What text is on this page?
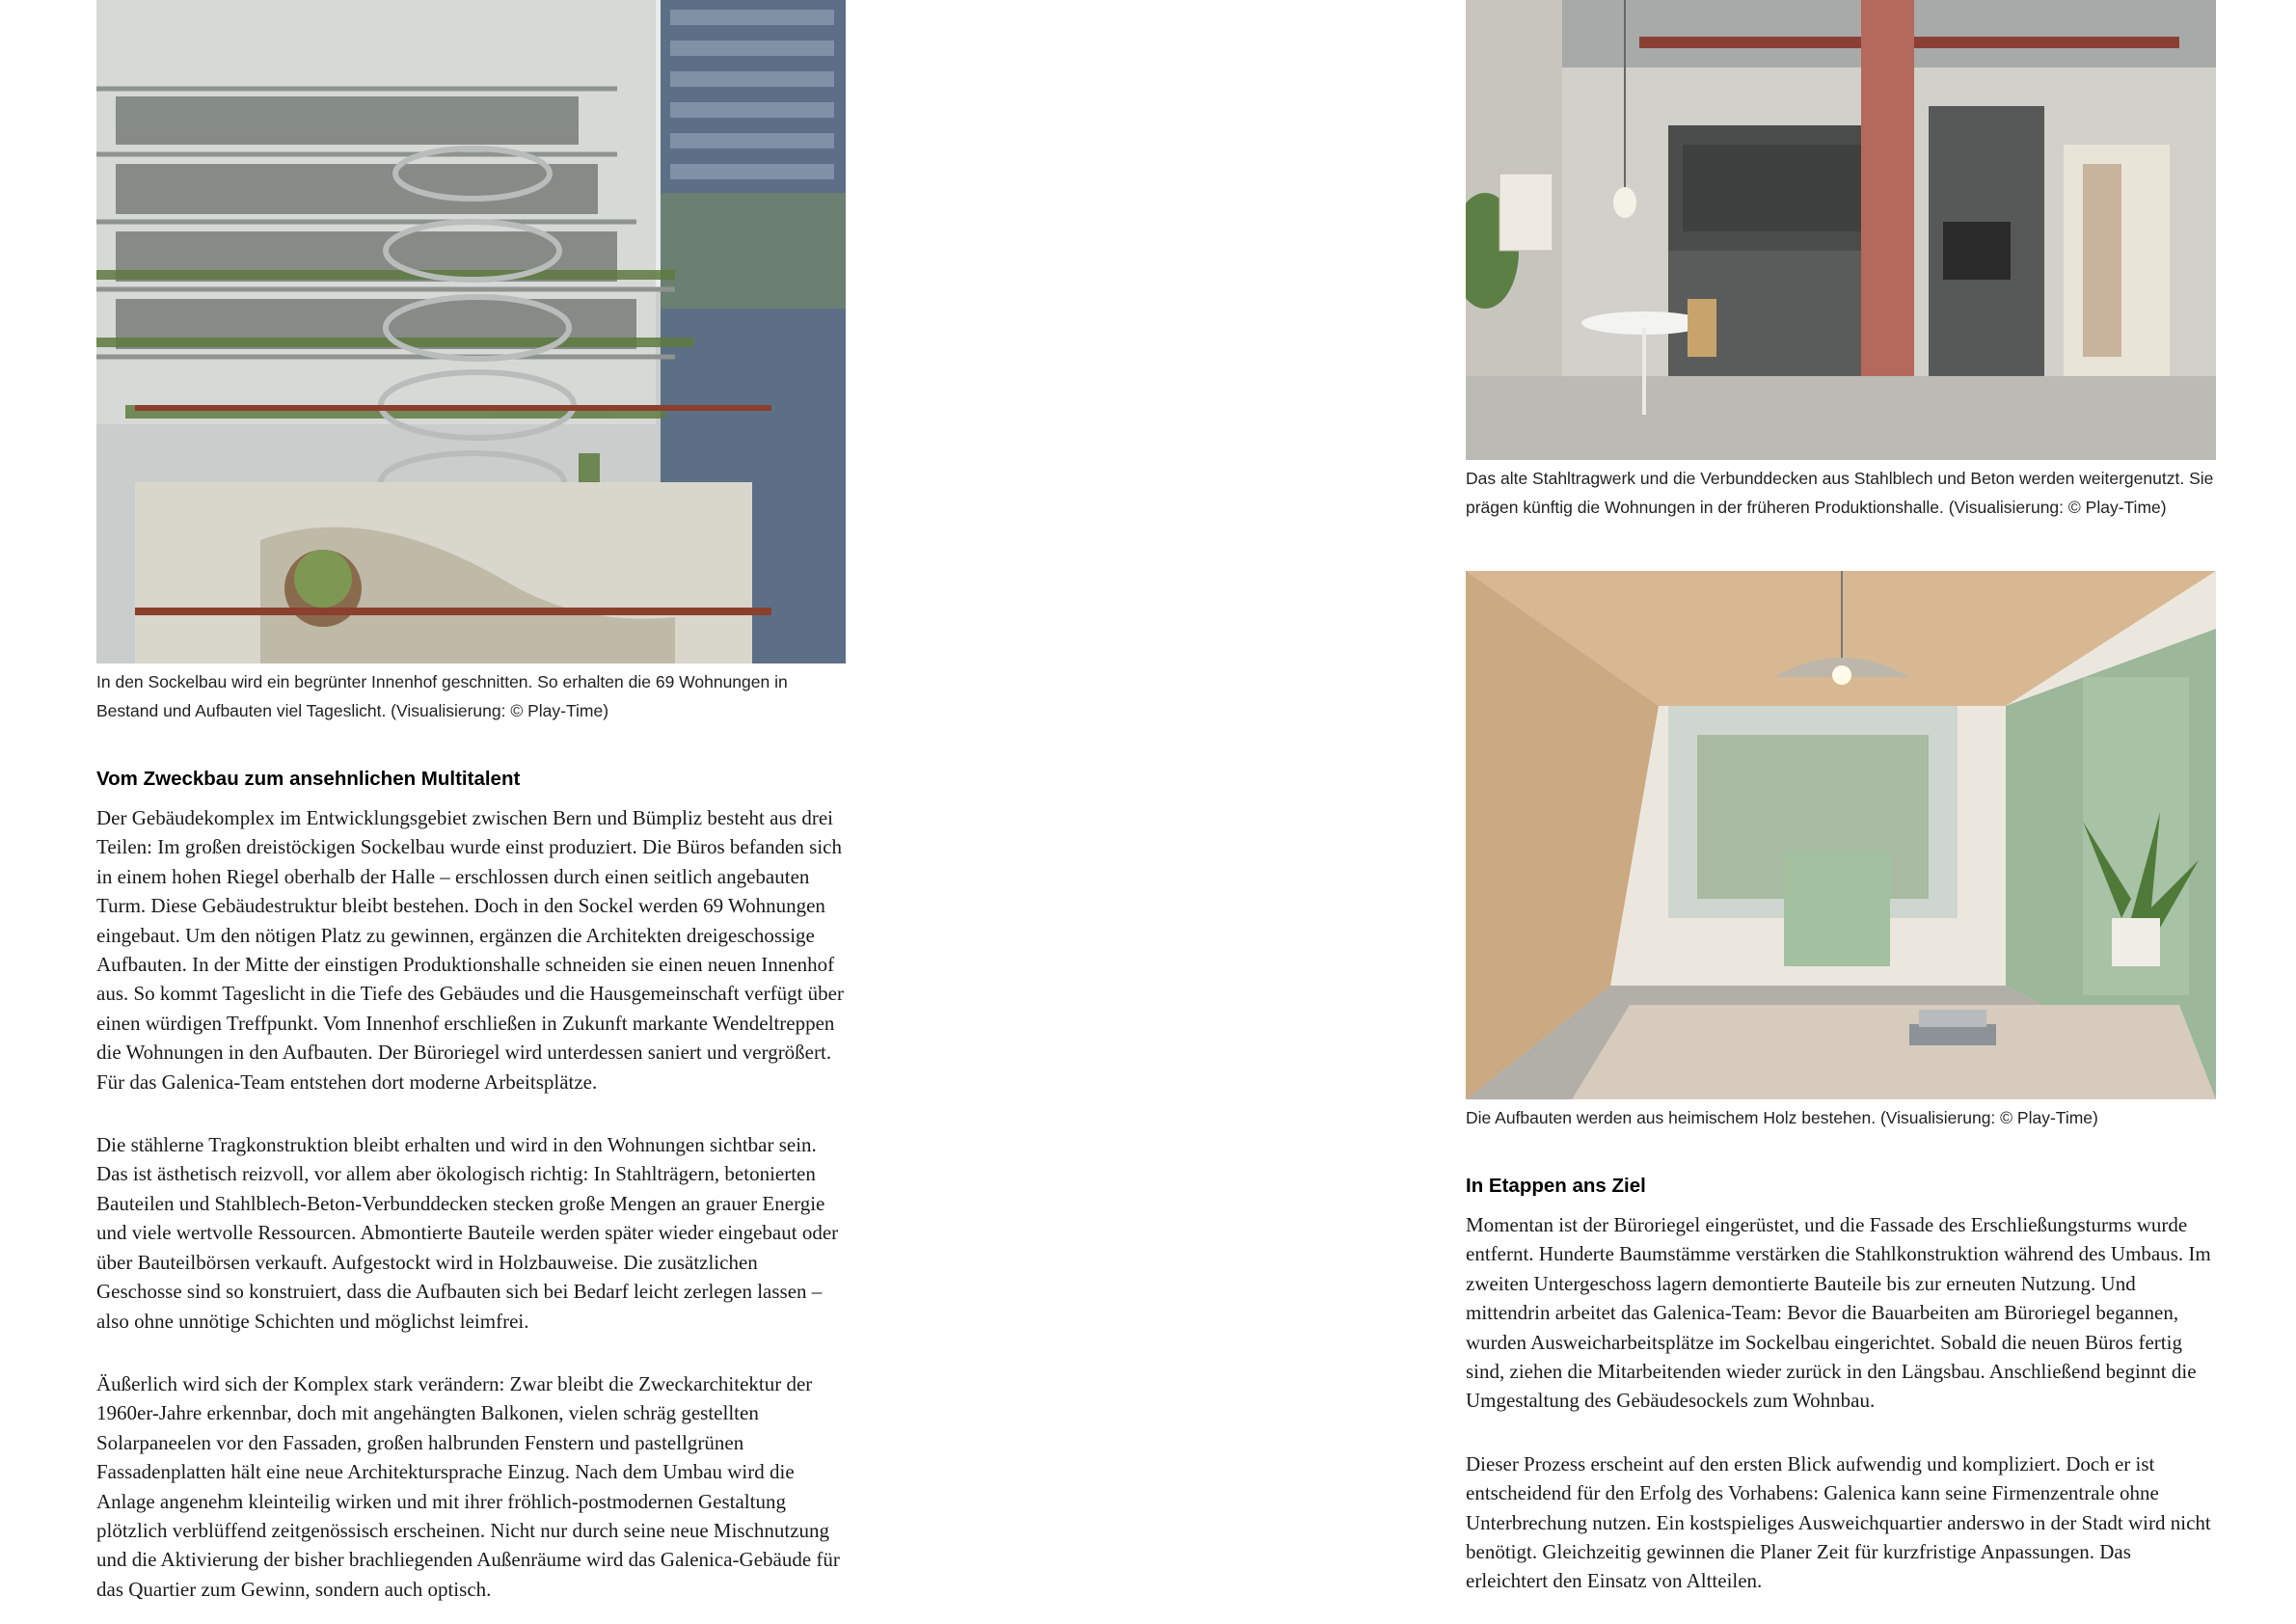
In den Sockelbau wird ein begrünter Innenhof geschnitten. So erhalten die 69 Wohnungen in Bestand und Aufbauten viel Tageslicht. (Visualisierung: © Play-Time)
Vom Zweckbau zum ansehnlichen Multitalent

Der Gebäudekomplex im Entwicklungsgebiet zwischen Bern und Bümpliz besteht aus drei Teilen: Im großen dreistöckigen Sockelbau wurde einst produziert. Die Büros befanden sich in einem hohen Riegel oberhalb der Halle – erschlossen durch einen seitlich angebauten Turm. Diese Gebäudestruktur bleibt bestehen. Doch in den Sockel werden 69 Wohnungen eingebaut. Um den nötigen Platz zu gewinnen, ergänzen die Architekten dreigeschossige Aufbauten. In der Mitte der einstigen Produktionshalle schneiden sie einen neuen Innenhof aus. So kommt Tageslicht in die Tiefe des Gebäudes und die Hausgemeinschaft verfügt über einen würdigen Treffpunkt. Vom Innenhof erschließen in Zukunft markante Wendeltreppen die Wohnungen in den Aufbauten. Der Büroriegel wird unterdessen saniert und vergrößert. Für das Galenica-Team entstehen dort moderne Arbeitsplätze.

Die stählerne Tragkonstruktion bleibt erhalten und wird in den Wohnungen sichtbar sein. Das ist ästhetisch reizvoll, vor allem aber ökologisch richtig: In Stahlträgern, betonierten Bauteilen und Stahlblech-Beton-Verbunddecken stecken große Mengen an grauer Energie und viele wertvolle Ressourcen. Abmontierte Bauteile werden später wieder eingebaut oder über Bauteilbörsen verkauft. Aufgestockt wird in Holzbauweise. Die zusätzlichen Geschosse sind so konstruiert, dass die Aufbauten sich bei Bedarf leicht zerlegen lassen – also ohne unnötige Schichten und möglichst leimfrei.

Äußerlich wird sich der Komplex stark verändern: Zwar bleibt die Zweckarchitektur der 1960er-Jahre erkennbar, doch mit angehängten Balkonen, vielen schräg gestellten Solarpaneelen vor den Fassaden, großen halbrunden Fenstern und pastellgrünen Fassadenplatten hält eine neue Architektursprache Einzug. Nach dem Umbau wird die Anlage angenehm kleinteilig wirken und mit ihrer fröhlich-postmodernen Gestaltung plötzlich verblüffend zeitgenössisch erscheinen. Nicht nur durch seine neue Mischnutzung und die Aktivierung der bisher brachliegenden Außenräume wird das Galenica-Gebäude für das Quartier zum Gewinn, sondern auch optisch.

Das alte Stahltragwerk und die Verbunddecken aus Stahlblech und Beton werden weitergenutzt. Sie prägen künftig die Wohnungen in der früheren Produktionshalle. (Visualisierung: © Play-Time)
Die Aufbauten werden aus heimischem Holz bestehen. (Visualisierung: © Play-Time)
In Etappen ans Ziel

Momentan ist der Büroriegel eingerüstet, und die Fassade des Erschließungsturms wurde entfernt. Hunderte Baumstämme verstärken die Stahlkonstruktion während des Umbaus. Im zweiten Untergeschoss lagern demontierte Bauteile bis zur erneuten Nutzung. Und mittendrin arbeitet das Galenica-Team: Bevor die Bauarbeiten am Büroriegel begannen, wurden Ausweicharbeitsplätze im Sockelbau eingerichtet. Sobald die neuen Büros fertig sind, ziehen die Mitarbeitenden wieder zurück in den Längsbau. Anschließend beginnt die Umgestaltung des Gebäudesockels zum Wohnbau.

Dieser Prozess erscheint auf den ersten Blick aufwendig und kompliziert. Doch er ist entscheidend für den Erfolg des Vorhabens: Galenica kann seine Firmenzentrale ohne Unterbrechung nutzen. Ein kostspieliges Ausweichquartier anderswo in der Stadt wird nicht benötigt. Gleichzeitig gewinnen die Planer Zeit für kurzfristige Anpassungen. Das erleichtert den Einsatz von Altteilen.
